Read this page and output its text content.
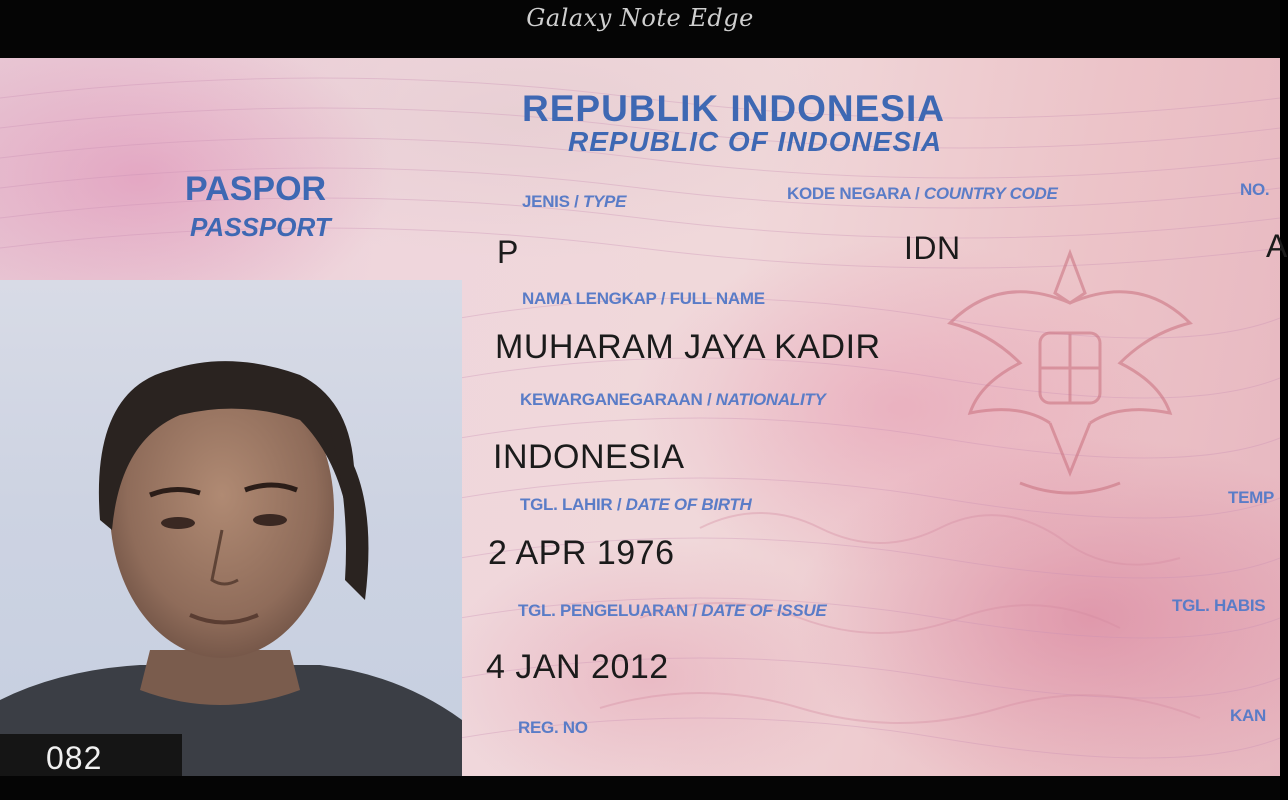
Galaxy Note Edge
082
REPUBLIK INDONESIA
REPUBLIC OF INDONESIA
PASPOR
PASSPORT
JENIS / TYPE
P
KODE NEGARA / COUNTRY CODE
IDN
NO.
A
NAMA LENGKAP / FULL NAME
MUHARAM JAYA KADIR
KEWARGANEGARAAN / NATIONALITY
INDONESIA
TGL. LAHIR / DATE OF BIRTH
2 APR 1976
TEMP
TGL. PENGELUARAN / DATE OF ISSUE
4 JAN 2012
TGL. HABIS
REG. NO
KAN
